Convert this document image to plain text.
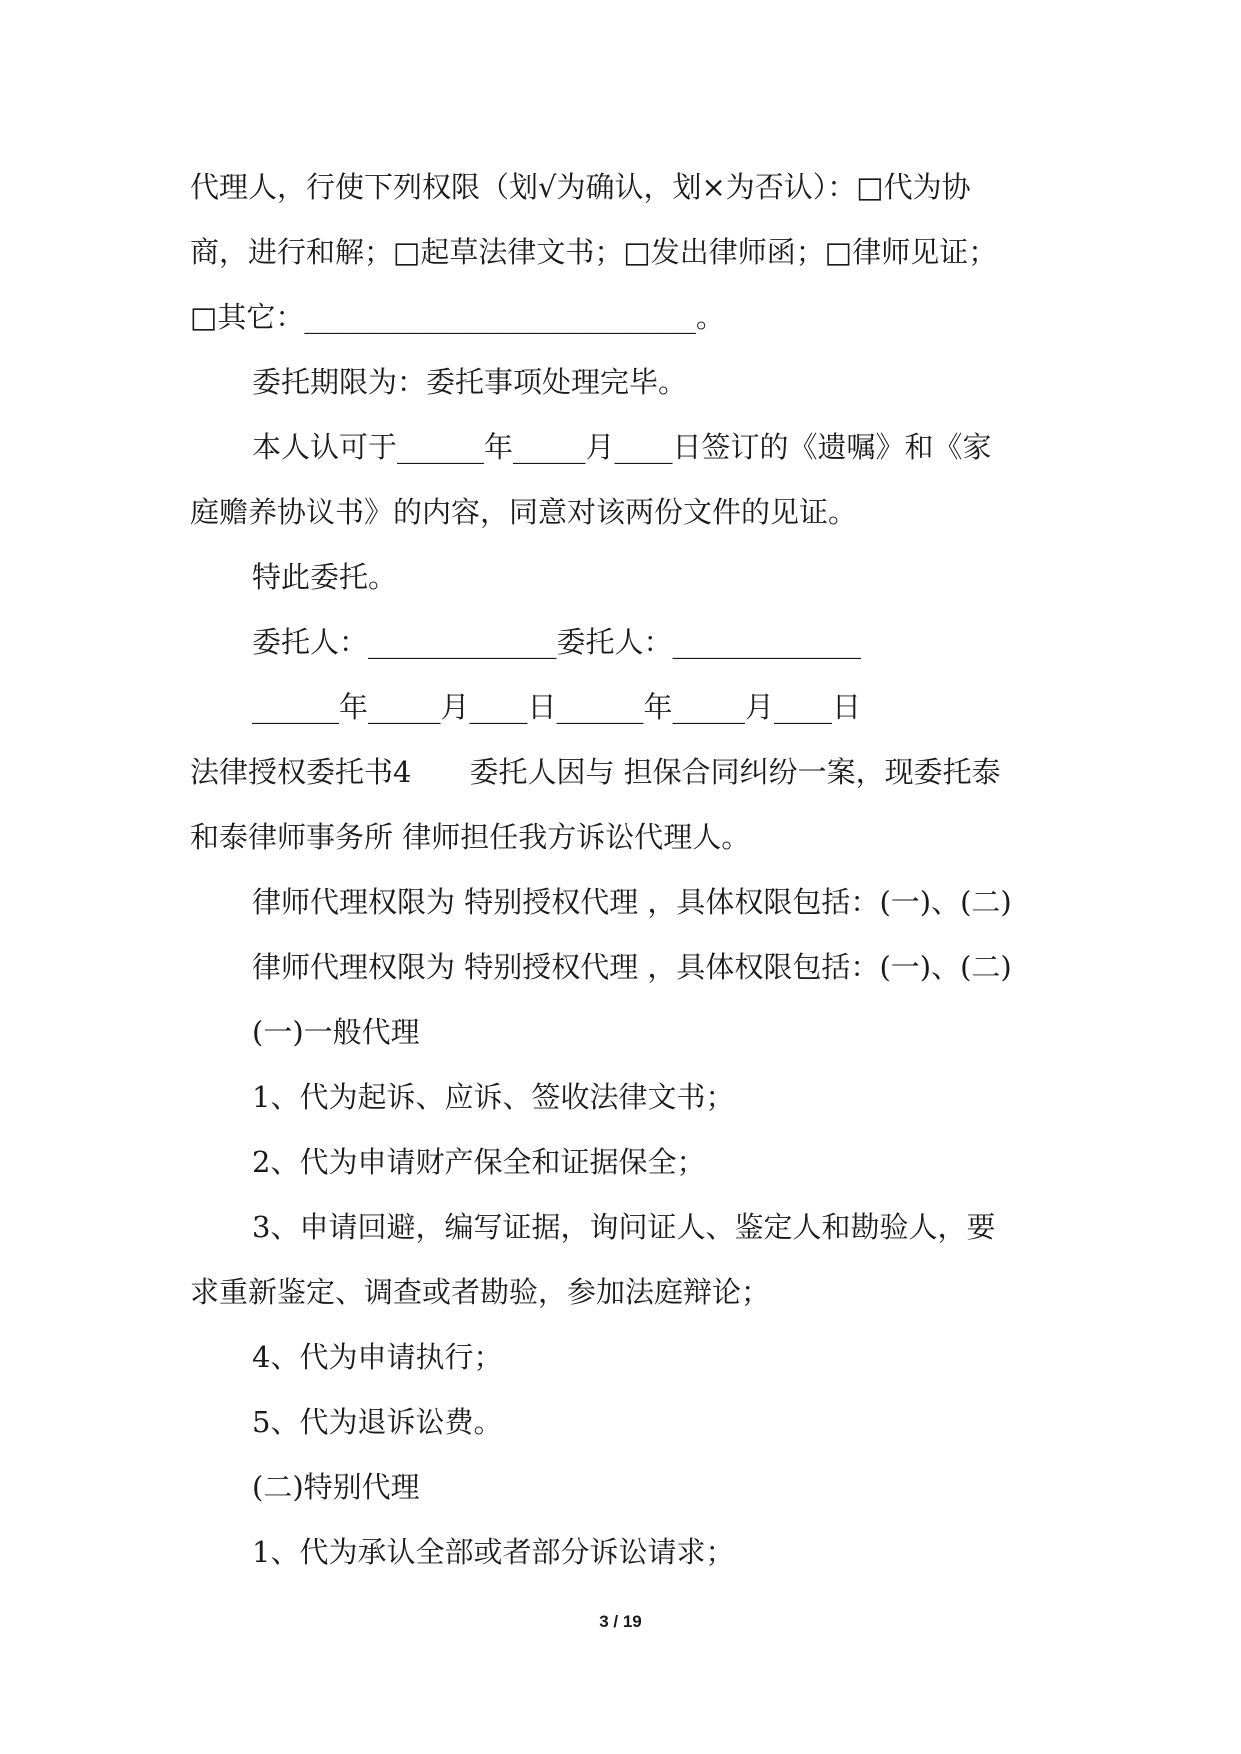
代理人，行使下列权限（划√为确认，划×为否认）：□代为协
商，进行和解；□起草法律文书；□发出律师函；□律师见证；
□其它：___________________________。
委托期限为：委托事项处理完毕。
本人认可于______年_____月____日签订的《遗嘱》和《家
庭赡养协议书》的内容，同意对该两份文件的见证。
特此委托。
委托人：_____________委托人：_____________
______年_____月____日______年_____月____日
法律授权委托书4　　委托人因与 担保合同纠纷一案，现委托泰
和泰律师事务所 律师担任我方诉讼代理人。
律师代理权限为 特别授权代理 ，具体权限包括：(一)、(二)
律师代理权限为 特别授权代理 ，具体权限包括：(一)、(二)
(一)一般代理
1、代为起诉、应诉、签收法律文书；
2、代为申请财产保全和证据保全；
3、申请回避，编写证据，询问证人、鉴定人和勘验人，要
求重新鉴定、调查或者勘验，参加法庭辩论；
4、代为申请执行；
5、代为退诉讼费。
(二)特别代理
1、代为承认全部或者部分诉讼请求；
3 / 19
